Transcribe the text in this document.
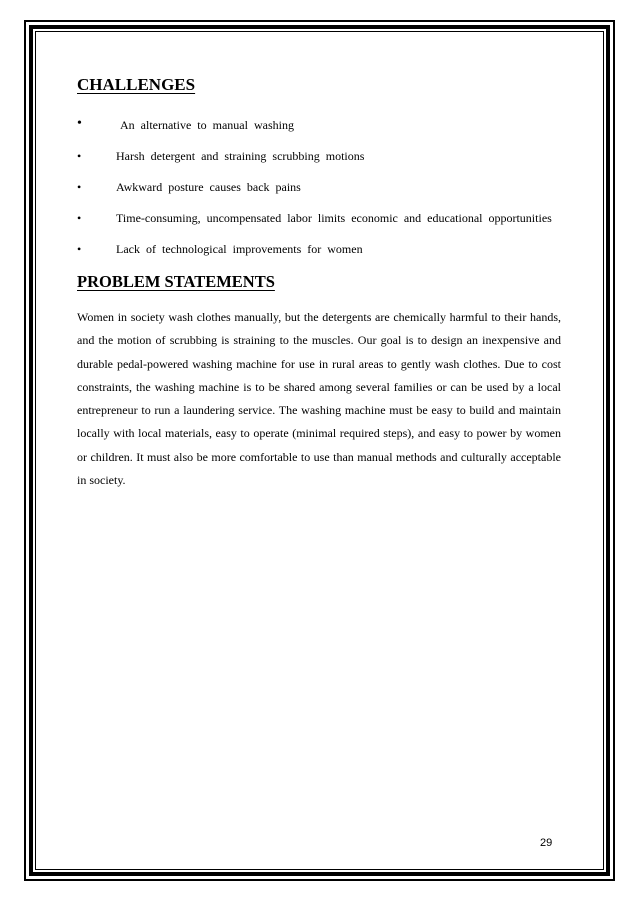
CHALLENGES
•	An alternative to manual washing
•	Harsh detergent and straining scrubbing motions
•	Awkward posture causes back pains
•	Time-consuming, uncompensated labor limits economic and educational opportunities
•	Lack of technological improvements for women
PROBLEM STATEMENTS

Women in society wash clothes manually, but the detergents are chemically harmful to their hands, and the motion of scrubbing is straining to the muscles. Our goal is to design an inexpensive and durable pedal-powered washing machine for use in rural areas to gently wash clothes. Due to cost constraints, the washing machine is to be shared among several families or can be used by a local entrepreneur to run a laundering service. The washing machine must be easy to build and maintain locally with local materials, easy to operate (minimal required steps), and easy to power by women or children. It must also be more comfortable to use than manual methods and culturally acceptable in society.

29
